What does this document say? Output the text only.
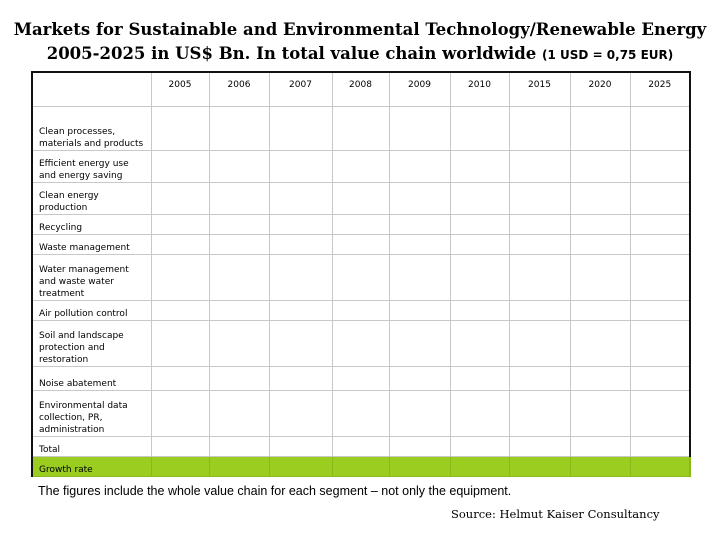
Markets for Sustainable and Environmental Technology/Renewable Energy
2005-2025 in US$ Bn. In total value chain worldwide (1 USD = 0,75 EUR)
	2005	2006	2007	2008	2009	2010	2015	2020	2025
Clean processes, materials and products									
Efficient energy use and energy saving									
Clean energy production									
Recycling									
Waste management									
Water management and waste water treatment									
Air pollution control									
Soil and landscape protection and restoration									
Noise abatement									
Environmental data collection, PR, administration									
Total									
Growth rate									
The figures include the whole value chain for each segment – not only the equipment.
Source: Helmut Kaiser Consultancy
